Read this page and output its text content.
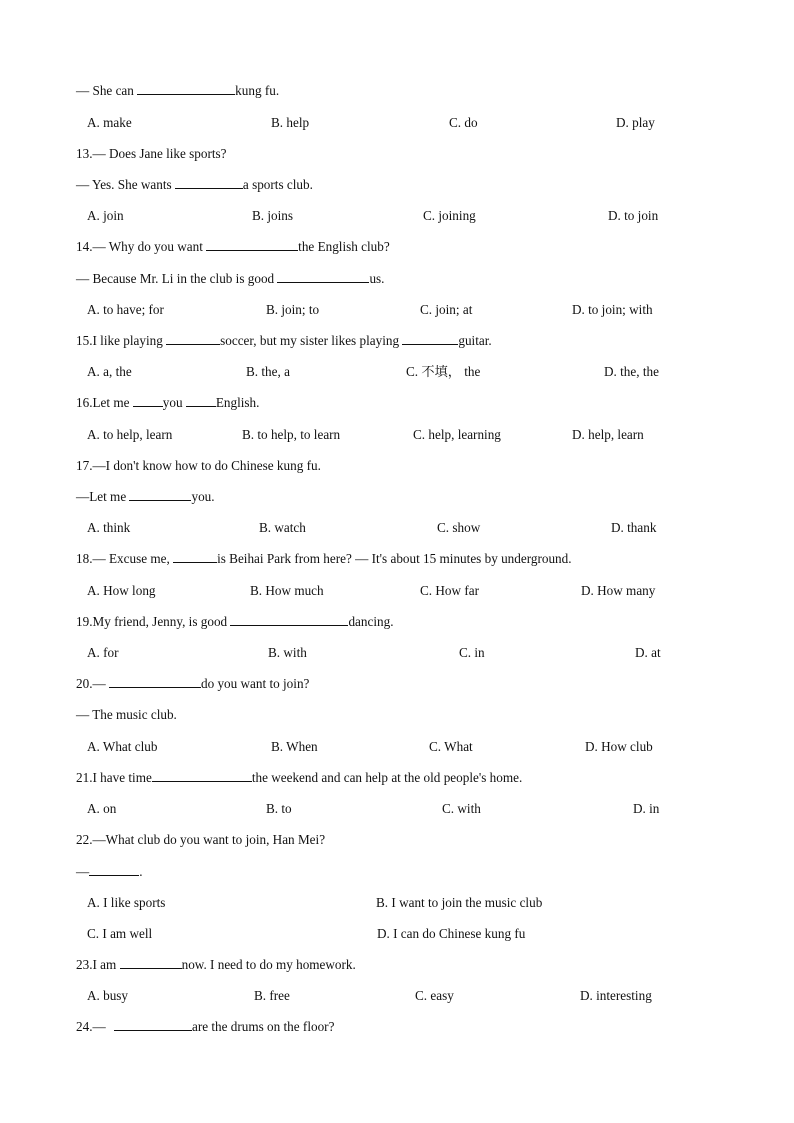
— She can	kung fu.
A. make	B. help	C. do	D. play
13.— Does Jane like sports?
— Yes. She wants	a sports club.
A. join	B. joins	C. joining	D. to join
14.— Why do you want	the English club?
— Because Mr. Li in the club is good	us.
A. to have; for	B. join; to	C. join; at	D. to join; with
15.I like playing	soccer, but my sister likes playing	guitar.
A. a, the	B. the, a	C. 不填， the	D. the, the
16.Let me you English.
A. to help, learn	B. to help, to learn	C. help, learning	D. help, learn
17.—I don't know how to do Chinese kung fu.
—Let me	you.
A. think	B. watch	C. show	D. thank
18.— Excuse me,	is Beihai Park from here? — It's about 15 minutes by underground.
A. How long	B. How much	C. How far	D. How many
19.My friend, Jenny, is good	dancing.
A. for	B. with	C. in	D. at
20.—	do you want to join?
— The music club.
A. What club	B. When	C. What	D. How club
21.I have time	the weekend and can help at the old people's home.
A. on	B. to	C. with	D. in
22.—What club do you want to join, Han Mei?
—	.
A. I like sports	B. I want to join the music club
C. I am well	D. I can do Chinese kung fu
23.I am	now. I need to do my homework.
A. busy	B. free	C. easy	D. interesting
24.—	are the drums on the floor?
